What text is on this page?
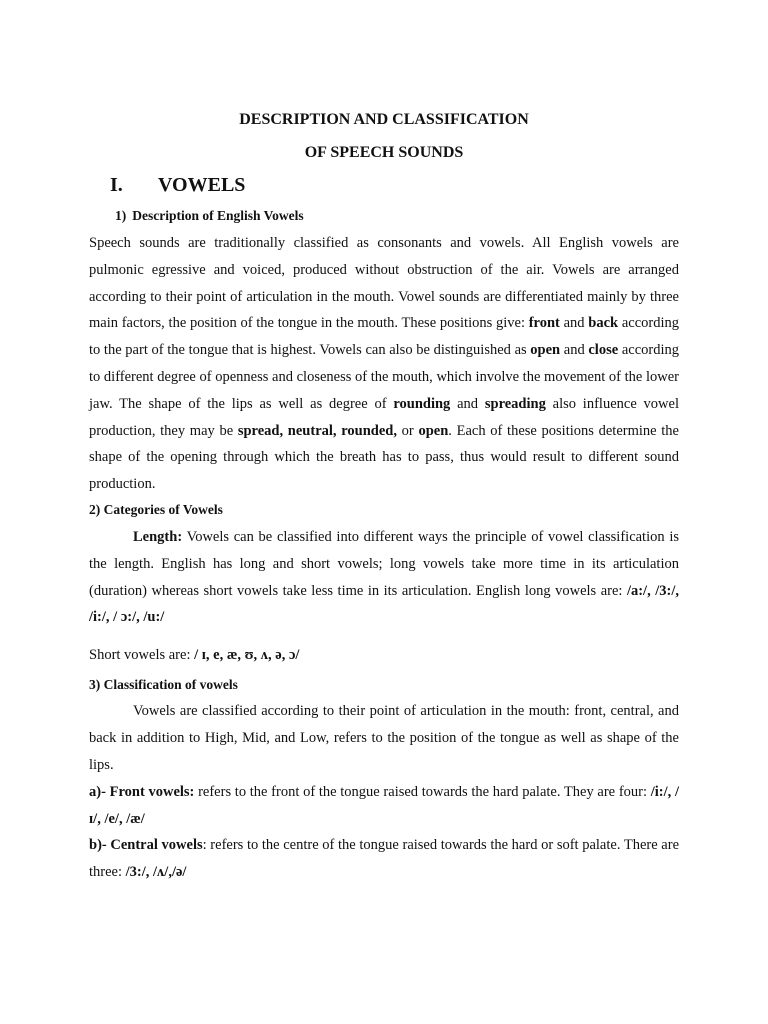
DESCRIPTION AND CLASSIFICATION
OF SPEECH SOUNDS
I. VOWELS
1) Description of English Vowels
Speech sounds are traditionally classified as consonants and vowels. All English vowels are pulmonic egressive and voiced, produced without obstruction of the air. Vowels are arranged according to their point of articulation in the mouth. Vowel sounds are differentiated mainly by three main factors, the position of the tongue in the mouth. These positions give: front and back according to the part of the tongue that is highest. Vowels can also be distinguished as open and close according to different degree of openness and closeness of the mouth, which involve the movement of the lower jaw. The shape of the lips as well as degree of rounding and spreading also influence vowel production, they may be spread, neutral, rounded, or open. Each of these positions determine the shape of the opening through which the breath has to pass, thus would result to different sound production.
2) Categories of Vowels
Length: Vowels can be classified into different ways the principle of vowel classification is the length. English has long and short vowels; long vowels take more time in its articulation (duration) whereas short vowels take less time in its articulation. English long vowels are: /a:/, /3:/, /i:/, / ɔ:/, /u:/
Short vowels are: / ɪ, e, æ, ʊ, ʌ, ə, ɔ/
3) Classification of vowels
Vowels are classified according to their point of articulation in the mouth: front, central, and back in addition to High, Mid, and Low, refers to the position of the tongue as well as shape of the lips.
a)- Front vowels: refers to the front of the tongue raised towards the hard palate. They are four: /i:/, /ɪ/, /e/, /æ/
b)- Central vowels: refers to the centre of the tongue raised towards the hard or soft palate. There are three: /3:/, /ʌ/,/ə/
